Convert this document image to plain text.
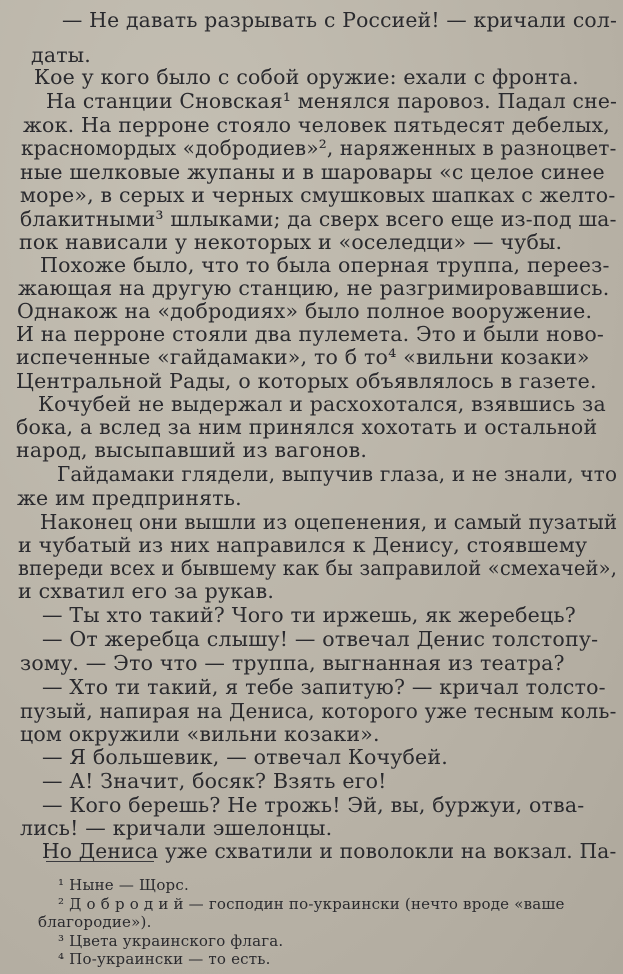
— Не давать разрывать с Россией! — кричали сол-
даты.
Кое у кого было с собой оружие: ехали с фронта.
На станции Сновская¹ менялся паровоз. Падал сне-
жок. На перроне стояло человек пятьдесят дебелых,
красномордых «добродиев»², наряженных в разноцвет-
ные шелковые жупаны и в шаровары «с целое синее
море», в серых и черных смушковых шапках с желто-
блакитными³ шлыками; да сверх всего еще из-под ша-
пок нависали у некоторых и «оселедци» — чубы.
Похоже было, что то была оперная труппа, переез-
жающая на другую станцию, не разгримировавшись.
Однакож на «добродиях» было полное вооружение.
И на перроне стояли два пулемета. Это и были ново-
испеченные «гайдамаки», то б то⁴ «вильни козаки»
Центральной Рады, о которых объявлялось в газете.
Кочубей не выдержал и расхохотался, взявшись за
бока, а вслед за ним принялся хохотать и остальной
народ, высыпавший из вагонов.
Гайдамаки глядели, выпучив глаза, и не знали, что
же им предпринять.
Наконец они вышли из оцепенения, и самый пузатый
и чубатый из них направился к Денису, стоявшему
впереди всех и бывшему как бы заправилой «смехачей»,
и схватил его за рукав.
— Ты хто такий? Чого ти иржешь, як жеребець?
— От жеребца слышу! — отвечал Денис толстопу-
зому. — Это что — труппа, выгнанная из театра?
— Хто ти такий, я тебе запитую? — кричал толсто-
пузый, напирая на Дениса, которого уже тесным коль-
цом окружили «вильни козаки».
— Я большевик, — отвечал Кочубей.
— А! Значит, босяк? Взять его!
— Кого берешь? Не трожь! Эй, вы, буржуи, отва-
лись! — кричали эшелонцы.
Но Дениса уже схватили и поволокли на вокзал. Па-
¹ Ныне — Щорс.
² Д о б р о д и й — господин по-украински (нечто вроде «ваше
благородие»).
³ Цвета украинского флага.
⁴ По-украински — то есть.
